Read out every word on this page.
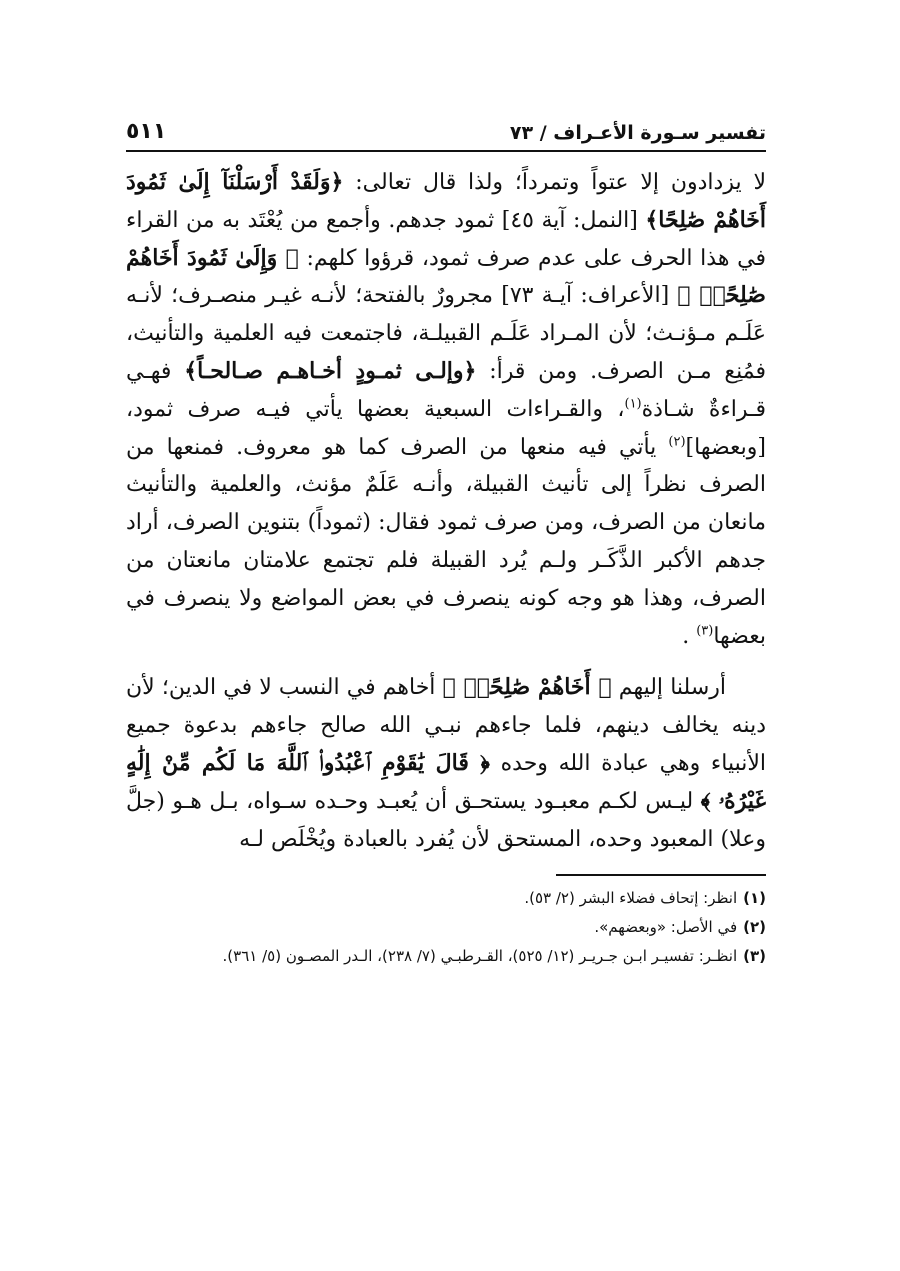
تفسير سـورة الأعـراف / ٧٣
٥١١

لا يزدادون إلا عتواً وتمرداً؛ ولذا قال تعالى: ﴿وَلَقَدْ أَرْسَلْنَآ إِلَىٰ ثَمُودَ أَخَاهُمْ صَٰلِحًا﴾ [النمل: آية ٤٥] ثمود جدهم. وأجمع من يُعْتَد به من القراء في هذا الحرف على عدم صرف ثمود، قرؤوا كلهم: ﴿ وَإِلَىٰ ثَمُودَ أَخَاهُمْ صَٰلِحًاۚ ﴾ [الأعراف: آيـة ٧٣] مجرورٌ بالفتحة؛ لأنـه غيـر منصـرف؛ لأنـه عَلَـم مـؤنـث؛ لأن المـراد عَلَـم القبيلـة، فاجتمعت فيه العلمية والتأنيث، فمُنِع مـن الصرف. ومن قرأ: ﴿وإلـى ثمـودٍ أخـاهـم صـالحـاً﴾ فهـي قـراءةٌ شـاذة$^{(١)}$، والقـراءات السبعية بعضها يأتي فيـه صرف ثمود، [وبعضها]$^{(٢)}$ يأتي فيه منعها من الصرف كما هو معروف. فمنعها من الصرف نظراً إلى تأنيث القبيلة، وأنـه عَلَمٌ مؤنث، والعلمية والتأنيث مانعان من الصرف، ومن صرف ثمود فقال: (ثموداً) بتنوين الصرف، أراد جدهم الأكبر الذَّكَـر ولـم يُرد القبيلة فلم تجتمع علامتان مانعتان من الصرف، وهذا هو وجه كونه ينصرف في بعض المواضع ولا ينصرف في بعضها$^{(٣)}$ .

أرسلنا إليهم ﴿ أَخَاهُمْ صَٰلِحًاۚ ﴾ أخاهم في النسب لا في الدين؛ لأن دينه يخالف دينهم، فلما جاءهم نبـي الله صالح جاءهم بدعوة جميع الأنبياء وهي عبادة الله وحده ﴿ قَالَ يَٰقَوْمِ ٱعْبُدُوا۟ ٱللَّهَ مَا لَكُم مِّنْ إِلَٰهٍ غَيْرُهُۥ ﴾ ليـس لكـم معبـود يستحـق أن يُعبـد وحـده سـواه، بـل هـو (جلَّ وعلا) المعبود وحده، المستحق لأن يُفرد بالعبادة ويُخْلَص لـه

(١)انظر: إتحاف فضلاء البشر (٢/ ٥٣).

(٢)في الأصل: «وبعضهم».

(٣)انظـر: تفسيـر ابـن جـريـر (١٢/ ٥٢٥)، القـرطبـي (٧/ ٢٣٨)، الـدر المصـون (٥/ ٣٦١).
